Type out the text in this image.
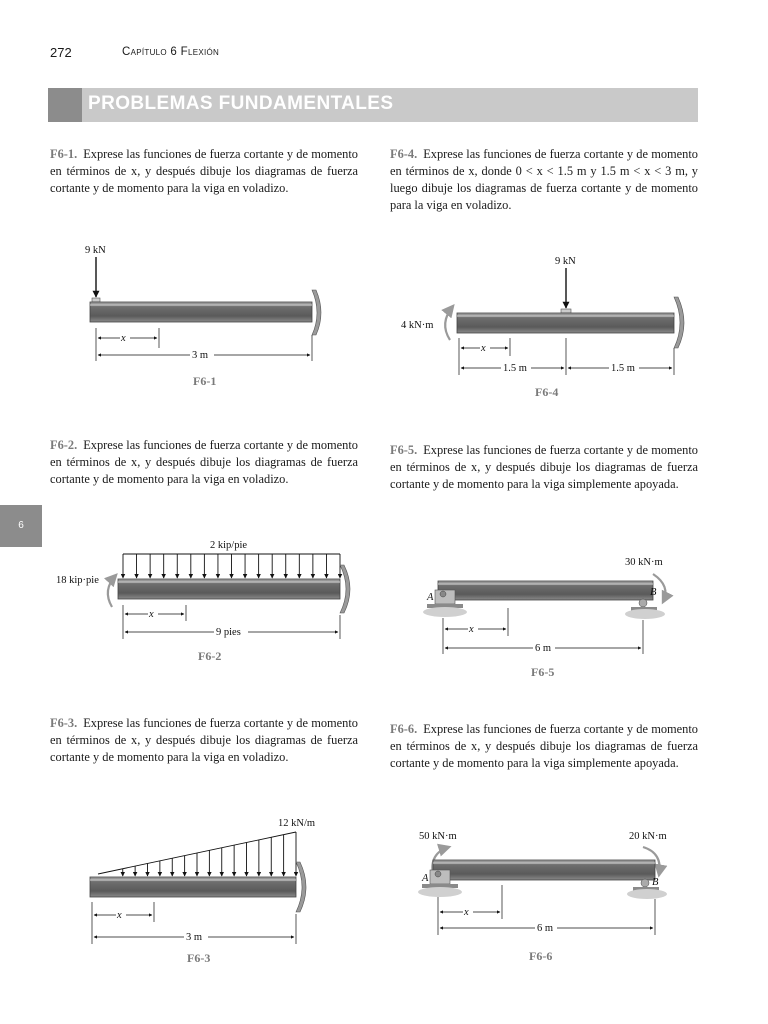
272	Capítulo 6 Flexión
PROBLEMAS FUNDAMENTALES
6
F6-1. Exprese las funciones de fuerza cortante y de momento en términos de x, y después dibuje los diagramas de fuerza cortante y de momento para la viga en voladizo.
F6-4. Exprese las funciones de fuerza cortante y de momento en términos de x, donde 0 < x < 1.5 m y 1.5 m < x < 3 m, y luego dibuje los diagramas de fuerza cortante y de momento para la viga en voladizo.
F6-2. Exprese las funciones de fuerza cortante y de momento en términos de x, y después dibuje los diagramas de fuerza cortante y de momento para la viga en voladizo.
F6-5. Exprese las funciones de fuerza cortante y de momento en términos de x, y después dibuje los diagramas de fuerza cortante y de momento para la viga simplemente apoyada.
F6-3. Exprese las funciones de fuerza cortante y de momento en términos de x, y después dibuje los diagramas de fuerza cortante y de momento para la viga en voladizo.
F6-6. Exprese las funciones de fuerza cortante y de momento en términos de x, y después dibuje los diagramas de fuerza cortante y de momento para la viga simplemente apoyada.
9 kN
x
3 m
F6-1
9 kN
4 kN·m
x
1.5 m	1.5 m
F6-4
2 kip/pie
18 kip·pie
x
9 pies
F6-2
30 kN·m
A	B
x
6 m
F6-5
12 kN/m
x
3 m
F6-3
50 kN·m	20 kN·m
A	B
x
6 m
F6-6
